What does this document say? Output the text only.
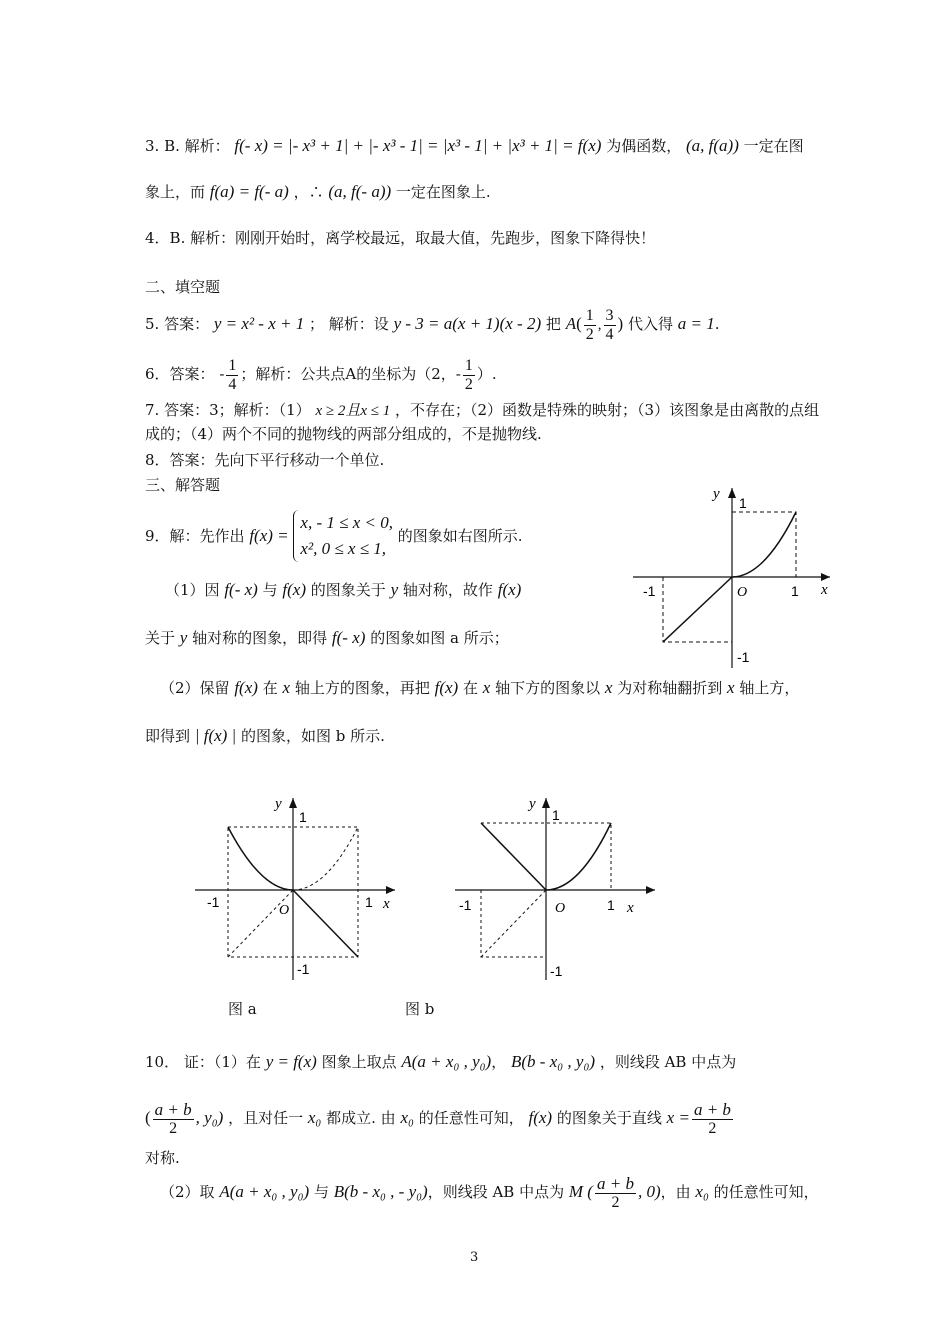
3. B. 解析： f(- x) = |- x³ + 1| + |- x³ - 1| = |x³ - 1| + |x³ + 1| = f(x) 为偶函数， (a, f(a)) 一定在图
象上，而 f(a) = f(- a) ，∴ (a, f(- a)) 一定在图象上.
4．B. 解析：刚刚开始时，离学校最远，取最大值，先跑步，图象下降得快！
二、填空题
5. 答案： y = x² - x + 1 ； 解析：设 y - 3 = a(x + 1)(x - 2) 把 $A( \frac{1}{2}$ , $\frac{3}{4}$ ) 代入得 a = 1.
6．答案： - $\frac{1}{4}$ ；解析：公共点A的坐标为（2，- $\frac{1}{2}$ ）.
7. 答案：3；解析：（1） x ≥ 2且x ≤ 1 ，不存在；（2）函数是特殊的映射；（3）该图象是由离散的点组
成的；（4）两个不同的抛物线的两部分组成的，不是抛物线.
8．答案：先向下平行移动一个单位.
三、解答题
9．解：先作出 f(x) =
x, - 1 ≤ x < 0,
x², 0 ≤ x ≤ 1,
的图象如右图所示.
（1）因 f(- x) 与 f(x) 的图象关于 y 轴对称，故作 f(x)
关于 y 轴对称的图象，即得 f(- x) 的图象如图 a 所示；
（2）保留 f(x) 在 x 轴上方的图象，再把 f(x) 在 x 轴下方的图象以 x 为对称轴翻折到 x 轴上方，
即得到 | f(x) | 的图象，如图 b 所示.
y
x
O	1
-1
1
-1
y
x
O
1
-1
1
-1
图 a
y
x
O	1
-1
1
-1
图 b
10． 证：（1）在 y = f(x) 图象上取点 A(a + x₀ , y₀)， B(b - x₀ , y₀) ，则线段 AB 中点为
( $\frac{a + b}{2}$ , y₀) ，且对任一 x₀ 都成立. 由 x₀ 的任意性可知， f(x) 的图象关于直线 $x = \frac{a + b}{2}$
对称.
（2）取 A(a + x₀ , y₀) 与 B(b - x₀ , - y₀)，则线段 AB 中点为 M ( $\frac{a + b}{2}$ , 0)，由 x₀ 的任意性可知，
3
